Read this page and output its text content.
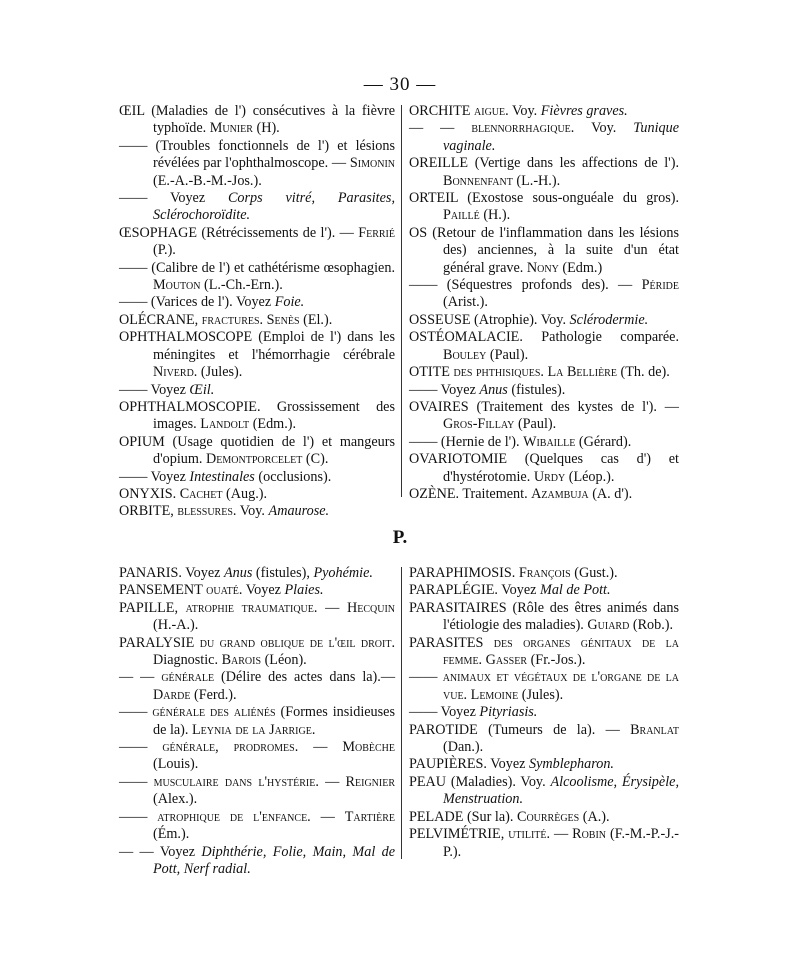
— 30 —
ŒIL (Maladies de l') consécutives à la fièvre typhoïde. Munier (H).
—— (Troubles fonctionnels de l') et lésions révélées par l'ophthalmoscope. — Simonin (E.-A.-B.-M.-Jos.).
—— Voyez Corps vitré, Parasites, Sclérochoroïdite.
ŒSOPHAGE (Rétrécissements de l'). — Ferrié (P.).
—— (Calibre de l') et cathétérisme œsophagien. Mouton (L.-Ch.-Ern.).
—— (Varices de l'). Voyez Foie.
OLÉCRANE, fractures. Senès (El.).
OPHTHALMOSCOPE (Emploi de l') dans les méningites et l'hémorrhagie cérébrale Niverd. (Jules).
—— Voyez Œil.
OPHTHALMOSCOPIE. Grossissement des images. Landolt (Edm.).
OPIUM (Usage quotidien de l') et mangeurs d'opium. Demontporcelet (C).
—— Voyez Intestinales (occlusions).
ONYXIS. Cachet (Aug.).
ORBITE, blessures. Voy. Amaurose.
ORCHITE aigue. Voy. Fièvres graves.
— — blennorrhagique. Voy. Tunique vaginale.
OREILLE (Vertige dans les affections de l'). Bonnenfant (L.-H.).
ORTEIL (Exostose sous-onguéale du gros). Paillé (H.).
OS (Retour de l'inflammation dans les lésions des) anciennes, à la suite d'un état général grave. Nony (Edm.)
—— (Séquestres profonds des). — Péride (Arist.).
OSSEUSE (Atrophie). Voy. Sclérodermie.
OSTÉOMALACIE. Pathologie comparée. Bouley (Paul).
OTITE des phthisiques. La Bellière (Th. de).
—— Voyez Anus (fistules).
OVAIRES (Traitement des kystes de l'). — Gros-Fillay (Paul).
—— (Hernie de l'). Wibaille (Gérard).
OVARIOTOMIE (Quelques cas d') et d'hystérotomie. Urdy (Léop.).
OZÈNE. Traitement. Azambuja (A. d').
P.
PANARIS. Voyez Anus (fistules), Pyohémie.
PANSEMENT ouaté. Voyez Plaies.
PAPILLE, atrophie traumatique. — Hecquin (H.-A.).
PARALYSIE du grand oblique de l'œil droit. Diagnostic. Barois (Léon).
— — générale (Délire des actes dans la).— Darde (Ferd.).
—— générale des aliénés (Formes insidieuses de la). Leynia de la Jarrige.
—— générale, prodromes. — Mobèche (Louis).
—— musculaire dans l'hystérie. — Reignier (Alex.).
—— atrophique de l'enfance. — Tartière (Ém.).
— — Voyez Diphthérie, Folie, Main, Mal de Pott, Nerf radial.
PARAPHIMOSIS. François (Gust.).
PARAPLÉGIE. Voyez Mal de Pott.
PARASITAIRES (Rôle des êtres animés dans l'étiologie des maladies). Guiard (Rob.).
PARASITES des organes génitaux de la femme. Gasser (Fr.-Jos.).
—— animaux et végétaux de l'organe de la vue. Lemoine (Jules).
—— Voyez Pityriasis.
PAROTIDE (Tumeurs de la). — Branlat (Dan.).
PAUPIÈRES. Voyez Symblepharon.
PEAU (Maladies). Voy. Alcoolisme, Érysipèle, Menstruation.
PELADE (Sur la). Courrèges (A.).
PELVIMÉTRIE, utilité. — Robin (F.-M.-P.-J.-P.).
